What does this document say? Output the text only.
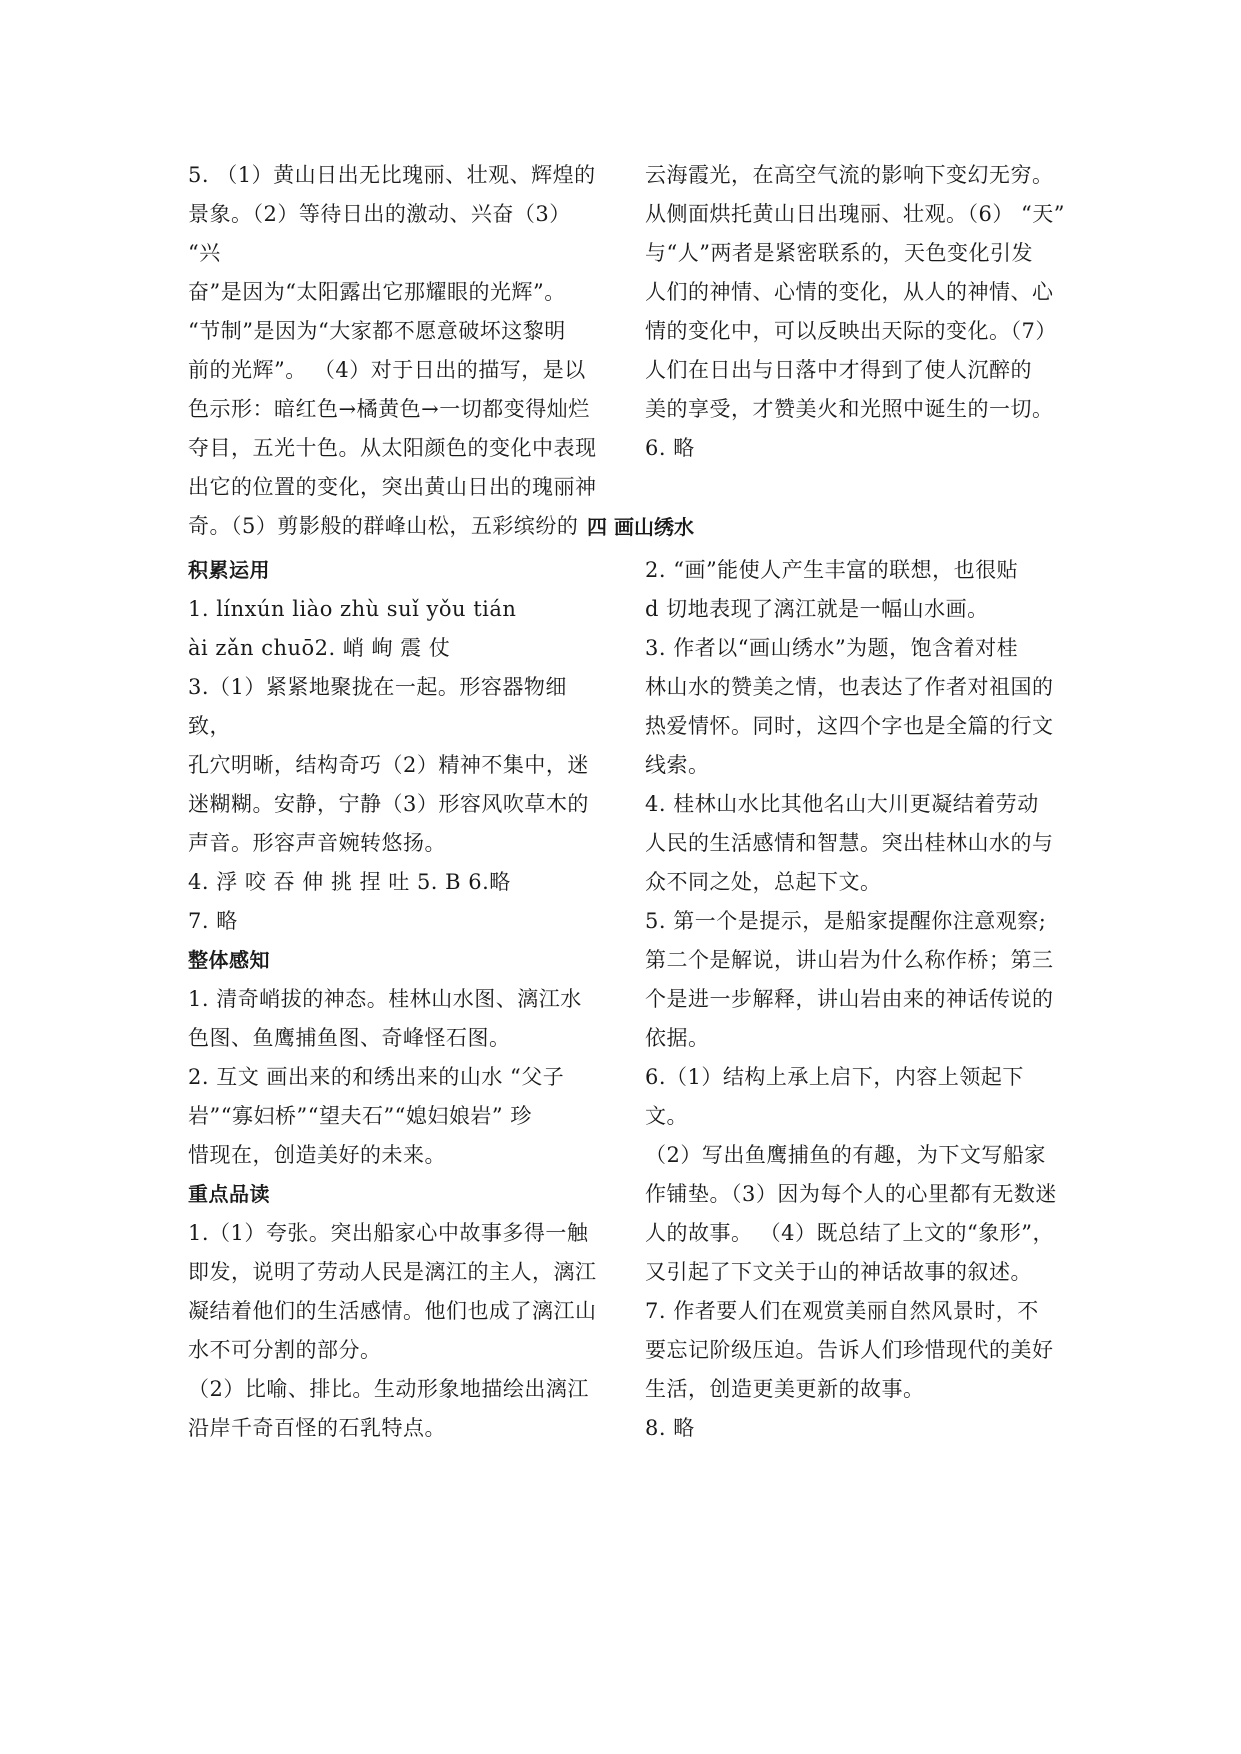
5. （1）黄山日出无比瑰丽、壮观、辉煌的

景象。（2）等待日出的激动、兴奋（3） “兴

奋”是因为“太阳露出它那耀眼的光辉”。

“节制”是因为“大家都不愿意破坏这黎明

前的光辉”。 （4）对于日出的描写，是以

色示形：暗红色→橘黄色→一切都变得灿烂

夺目，五光十色。从太阳颜色的变化中表现

出它的位置的变化，突出黄山日出的瑰丽神

奇。（5）剪影般的群峰山松，五彩缤纷的

云海霞光，在高空气流的影响下变幻无穷。

从侧面烘托黄山日出瑰丽、壮观。（6） “天”

与“人”两者是紧密联系的，天色变化引发

人们的神情、心情的变化，从人的神情、心

情的变化中，可以反映出天际的变化。（7）

人们在日出与日落中才得到了使人沉醉的

美的享受，才赞美火和光照中诞生的一切。

6. 略

四 画山绣水
积累运用

1. línxún liào zhù suǐ yǒu tián

ài zǎn chuō2. 峭 峋 震 仗

3.（1）紧紧地聚拢在一起。形容器物细致，

孔穴明晰，结构奇巧（2）精神不集中，迷

迷糊糊。安静，宁静（3）形容风吹草木的

声音。形容声音婉转悠扬。

4. 浮 咬 吞 伸 挑 捏 吐 5. B 6.略

7. 略

整体感知

1. 清奇峭拔的神态。桂林山水图、漓江水

色图、鱼鹰捕鱼图、奇峰怪石图。

2. 互文 画出来的和绣出来的山水 “父子

岩”“寡妇桥”“望夫石”“媳妇娘岩” 珍

惜现在，创造美好的未来。

重点品读

1.（1）夸张。突出船家心中故事多得一触

即发，说明了劳动人民是漓江的主人，漓江

凝结着他们的生活感情。他们也成了漓江山

水不可分割的部分。

（2）比喻、排比。生动形象地描绘出漓江

沿岸千奇百怪的石乳特点。

2. “画”能使人产生丰富的联想，也很贴

d 切地表现了漓江就是一幅山水画。

3. 作者以“画山绣水”为题，饱含着对桂

林山水的赞美之情，也表达了作者对祖国的

热爱情怀。同时，这四个字也是全篇的行文

线索。

4. 桂林山水比其他名山大川更凝结着劳动

人民的生活感情和智慧。突出桂林山水的与

众不同之处，总起下文。

5. 第一个是提示，是船家提醒你注意观察;

第二个是解说，讲山岩为什么称作桥；第三

个是进一步解释，讲山岩由来的神话传说的

依据。

6.（1）结构上承上启下，内容上领起下文。

（2）写出鱼鹰捕鱼的有趣，为下文写船家

作铺垫。（3）因为每个人的心里都有无数迷

人的故事。 （4）既总结了上文的“象形”，

又引起了下文关于山的神话故事的叙述。

7. 作者要人们在观赏美丽自然风景时，不

要忘记阶级压迫。告诉人们珍惜现代的美好

生活，创造更美更新的故事。

8. 略
